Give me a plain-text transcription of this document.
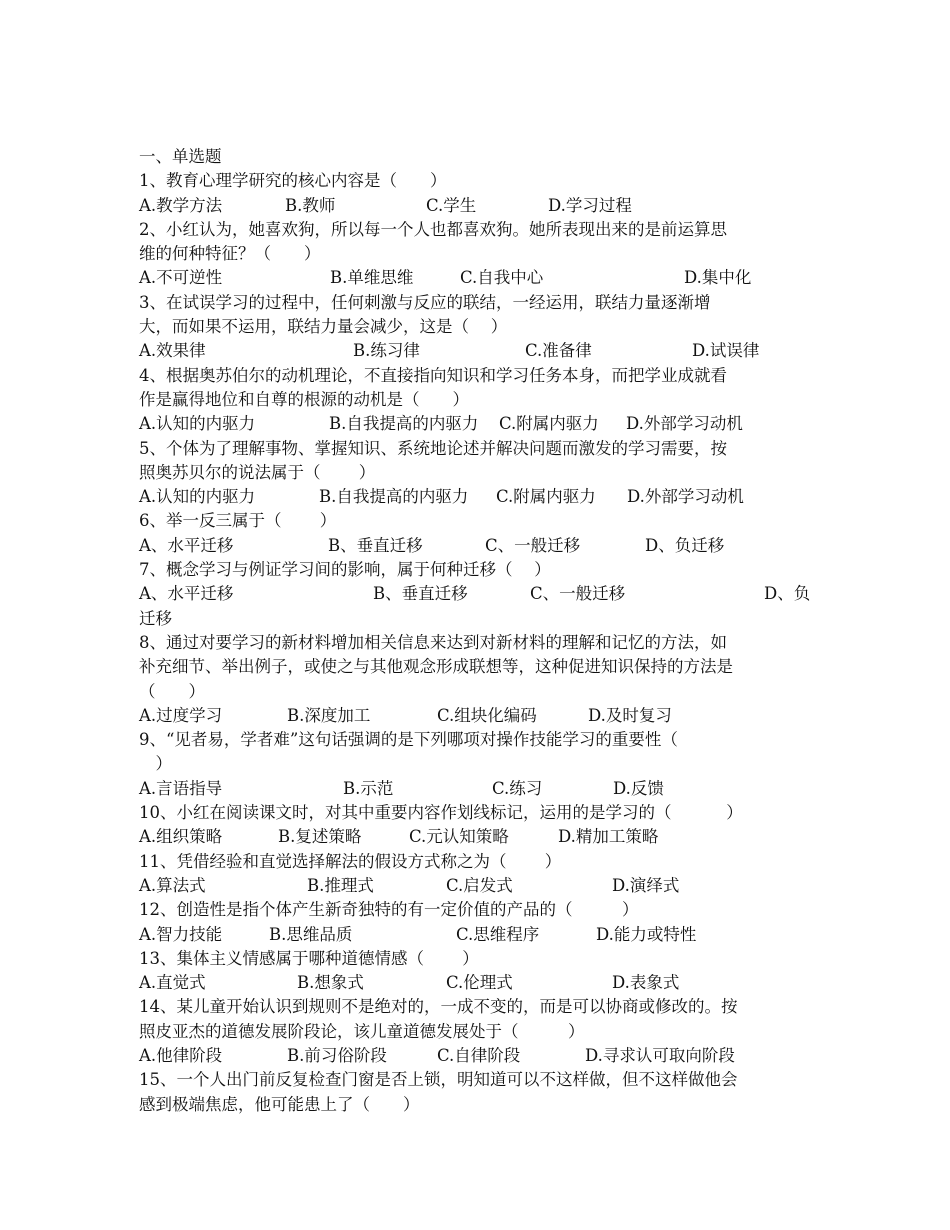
一、单选题
1、教育心理学研究的核心内容是（　　）
A.教学方法	B.教师	C.学生	D.学习过程
2、小红认为，她喜欢狗，所以每一个人也都喜欢狗。她所表现出来的是前运算思
维的何种特征？（　　）
A.不可逆性	B.单维思维	C.自我中心	D.集中化
3、在试误学习的过程中，任何刺激与反应的联结，一经运用，联结力量逐渐增
大，而如果不运用，联结力量会减少，这是（　 ）
A.效果律	B.练习律	C.准备律	D.试误律
4、根据奥苏伯尔的动机理论，不直接指向知识和学习任务本身，而把学业成就看
作是赢得地位和自尊的根源的动机是（　　）
A.认知的内驱力	B.自我提高的内驱力	C.附属内驱力	D.外部学习动机
5、个体为了理解事物、掌握知识、系统地论述并解决问题而激发的学习需要，按
照奥苏贝尔的说法属于（　　 ）
A.认知的内驱力	B.自我提高的内驱力	C.附属内驱力	D.外部学习动机
6、举一反三属于（　　 ）
A、水平迁移	B、垂直迁移	C、一般迁移	D、负迁移
7、概念学习与例证学习间的影响，属于何种迁移（　 ）
A、水平迁移	B、垂直迁移	C、一般迁移	D、负
迁移
8、通过对要学习的新材料增加相关信息来达到对新材料的理解和记忆的方法，如
补充细节、举出例子，或使之与其他观念形成联想等，这种促进知识保持的方法是
（　　）
A.过度学习	B.深度加工	C.组块化编码	D.及时复习
9、“见者易，学者难”这句话强调的是下列哪项对操作技能学习的重要性（
　）
A.言语指导	B.示范	C.练习	D.反馈
10、小红在阅读课文时，对其中重要内容作划线标记，运用的是学习的（　　　 ）
A.组织策略	B.复述策略	C.元认知策略	D.精加工策略
11、凭借经验和直觉选择解法的假设方式称之为（　　 ）
A.算法式	B.推理式	C.启发式	D.演绎式
12、创造性是指个体产生新奇独特的有一定价值的产品的（　　　）
A.智力技能	B.思维品质	C.思维程序	D.能力或特性
13、集体主义情感属于哪种道德情感（　　 ）
A.直觉式	B.想象式	C.伦理式	D.表象式
14、某儿童开始认识到规则不是绝对的，一成不变的，而是可以协商或修改的。按
照皮亚杰的道德发展阶段论，该儿童道德发展处于（　　　）
A.他律阶段	B.前习俗阶段	C.自律阶段	D.寻求认可取向阶段
15、一个人出门前反复检查门窗是否上锁，明知道可以不这样做，但不这样做他会
感到极端焦虑，他可能患上了（　　）
